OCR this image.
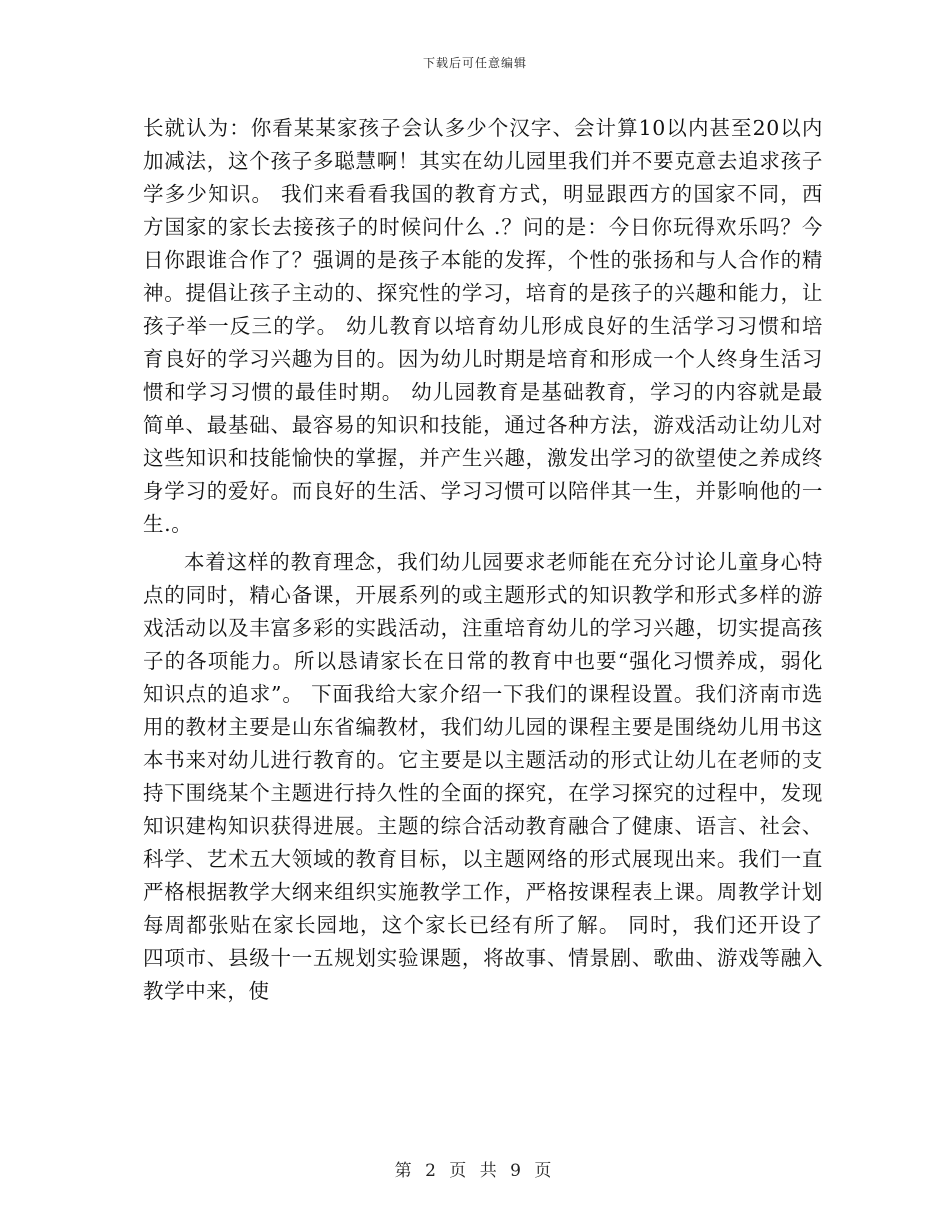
下载后可任意编辑

长就认为：你看某某家孩子会认多少个汉字、会计算10以内甚至20以内加减法，这个孩子多聪慧啊！其实在幼儿园里我们并不要克意去追求孩子学多少知识。 我们来看看我国的教育方式，明显跟西方的国家不同，西方国家的家长去接孩子的时候问什么 .？问的是：今日你玩得欢乐吗？今日你跟谁合作了？强调的是孩子本能的发挥，个性的张扬和与人合作的精神。提倡让孩子主动的、探究性的学习，培育的是孩子的兴趣和能力，让孩子举一反三的学。 幼儿教育以培育幼儿形成良好的生活学习习惯和培育良好的学习兴趣为目的。因为幼儿时期是培育和形成一个人终身生活习惯和学习习惯的最佳时期。 幼儿园教育是基础教育，学习的内容就是最简单、最基础、最容易的知识和技能，通过各种方法，游戏活动让幼儿对这些知识和技能愉快的掌握，并产生兴趣，激发出学习的欲望使之养成终身学习的爱好。而良好的生活、学习习惯可以陪伴其一生，并影响他的一生.。

本着这样的教育理念，我们幼儿园要求老师能在充分讨论儿童身心特点的同时，精心备课，开展系列的或主题形式的知识教学和形式多样的游戏活动以及丰富多彩的实践活动，注重培育幼儿的学习兴趣，切实提高孩子的各项能力。所以恳请家长在日常的教育中也要“强化习惯养成，弱化知识点的追求”。 下面我给大家介绍一下我们的课程设置。我们济南市选用的教材主要是山东省编教材，我们幼儿园的课程主要是围绕幼儿用书这本书来对幼儿进行教育的。它主要是以主题活动的形式让幼儿在老师的支持下围绕某个主题进行持久性的全面的探究，在学习探究的过程中，发现知识建构知识获得进展。主题的综合活动教育融合了健康、语言、社会、科学、艺术五大领域的教育目标，以主题网络的形式展现出来。我们一直严格根据教学大纲来组织实施教学工作，严格按课程表上课。周教学计划每周都张贴在家长园地，这个家长已经有所了解。 同时，我们还开设了四项市、县级十一五规划实验课题，将故事、情景剧、歌曲、游戏等融入教学中来，使

第 2 页 共 9 页
